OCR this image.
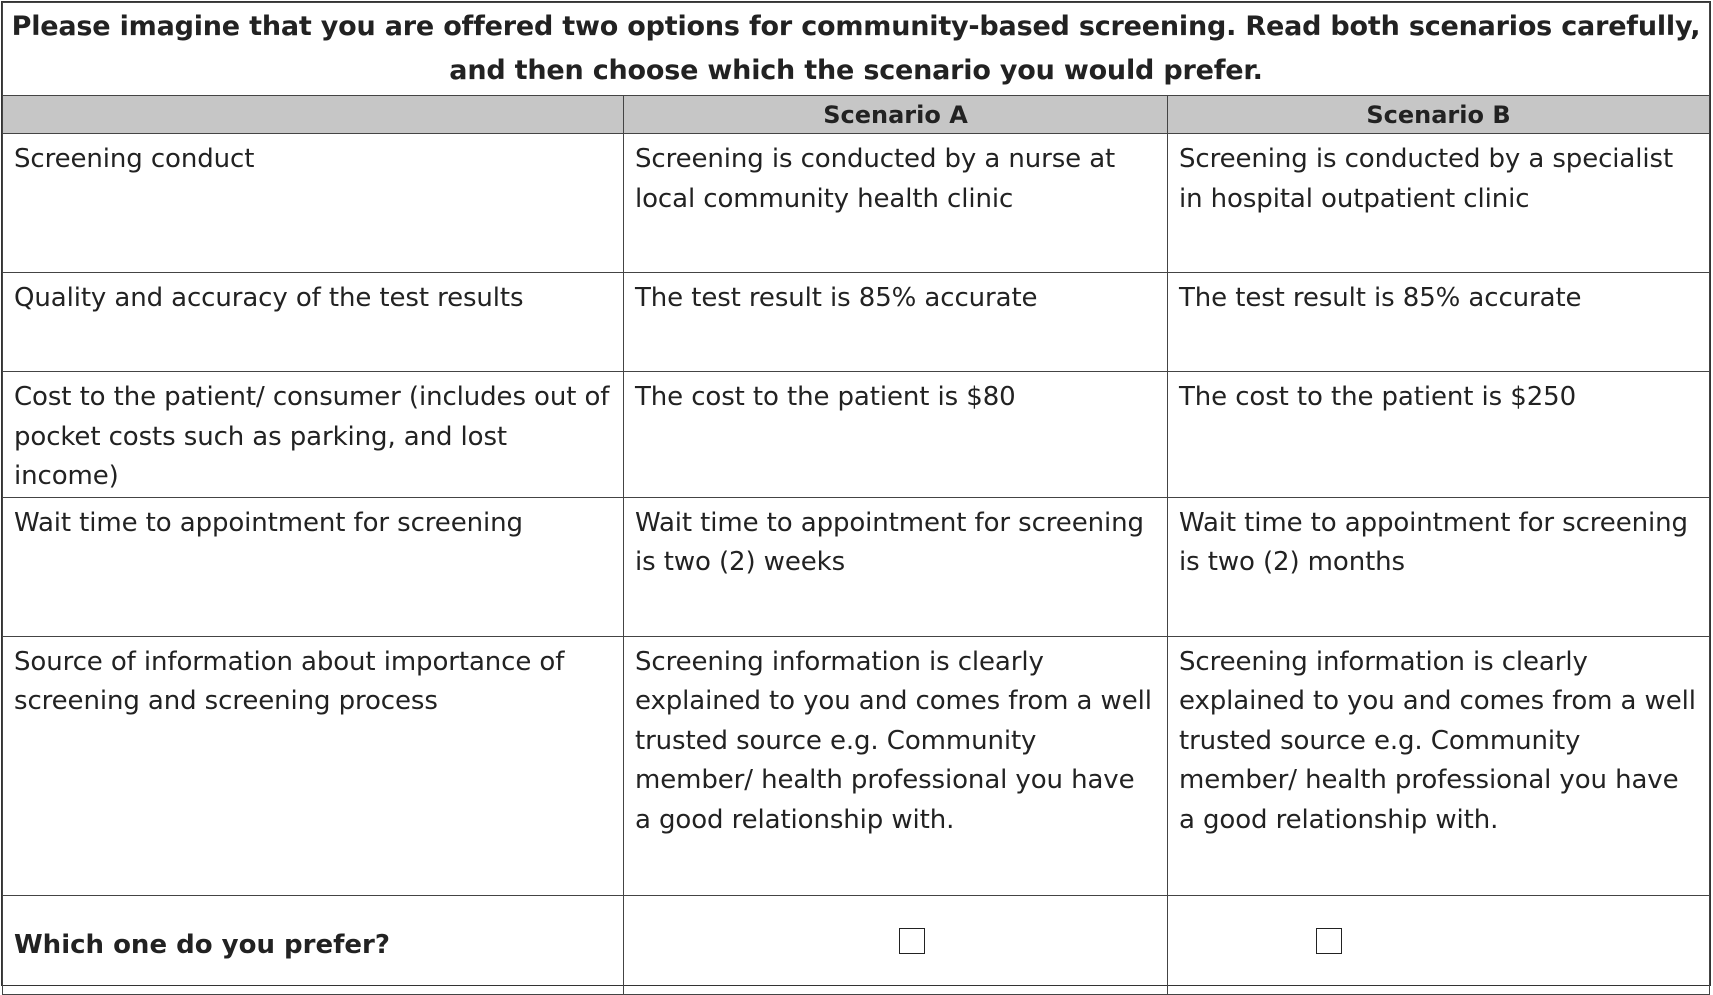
Please imagine that you are offered two options for community-based screening. Read both scenarios carefully, and then choose which the scenario you would prefer.		
	Scenario A	Scenario B
Screening conduct	Screening is conducted by a nurse at local community health clinic	Screening is conducted by a specialist in hospital outpatient clinic
Quality and accuracy of the test results	The test result is 85% accurate	The test result is 85% accurate
Cost to the patient/ consumer (includes out of pocket costs such as parking, and lost income)	The cost to the patient is $80	The cost to the patient is $250
Wait time to appointment for screening	Wait time to appointment for screening is two (2) weeks	Wait time to appointment for screening is two (2) months
Source of information about importance of screening and screening process	Screening information is clearly explained to you and comes from a well trusted source e.g. Community member/ health professional you have a good relationship with.	Screening information is clearly explained to you and comes from a well trusted source e.g. Community member/ health professional you have a good relationship with.
Which one do you prefer?	
